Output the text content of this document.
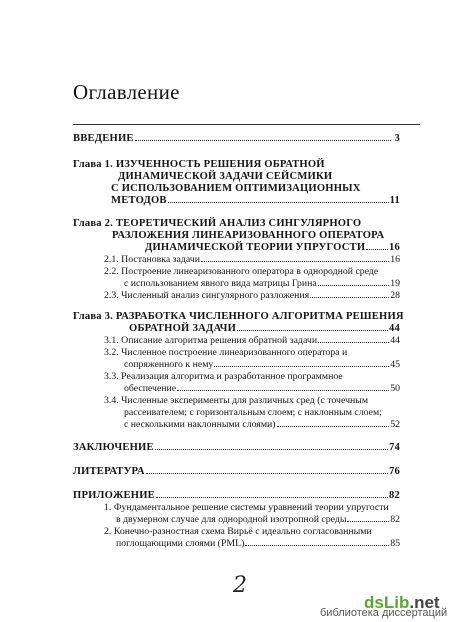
Оглавление
ВВЕДЕНИЕ	3
Глава 1.
ИЗУЧЕННОСТЬ РЕШЕНИЯ ОБРАТНОЙ
ДИНАМИЧЕСКОЙ ЗАДАЧИ СЕЙСМИКИ
С ИСПОЛЬЗОВАНИЕМ ОПТИМИЗАЦИОННЫХ
МЕТОДОВ	11
Глава 2.
ТЕОРЕТИЧЕСКИЙ АНАЛИЗ СИНГУЛЯРНОГО
РАЗЛОЖЕНИЯ ЛИНЕАРИЗОВАННОГО ОПЕРАТОРА
ДИНАМИЧЕСКОЙ ТЕОРИИ УПРУГОСТИ 16
2.1.
Постановка задачи	16
2.2.
Построение линеаризованного оператора в однородной среде
с использованием явного вида матрицы Грина	19
2.3.
Численный анализ сингулярного разложения	28
Глава 3.
РАЗРАБОТКА ЧИСЛЕННОГО АЛГОРИТМА РЕШЕНИЯ
ОБРАТНОЙ ЗАДАЧИ	44
3.1.
Описание алгоритма решения обратной задачи	44
3.2.
Численное построение линеаризованного оператора и
сопряженного к нему	45
3.3.
Реализация алгоритма и разработанное программное
обеспечение	50
3.4.
Численные эксперименты для различных сред (с точечным
рассеивателем; с горизонтальным слоем; с наклонным слоем;
с несколькими наклонными слоями)	52
ЗАКЛЮЧЕНИЕ	74
ЛИТЕРАТУРА	76
ПРИЛОЖЕНИЕ	82
1.
Фундаментальное решение системы уравнений теории упругости
в двумерном случае для однородной изотропной среды	82
2.
Конечно-разностная схема Вирьё с идеально согласованными
поглощающими слоями (PML)	85
2
dsLib.net
библиотека диссертаций
